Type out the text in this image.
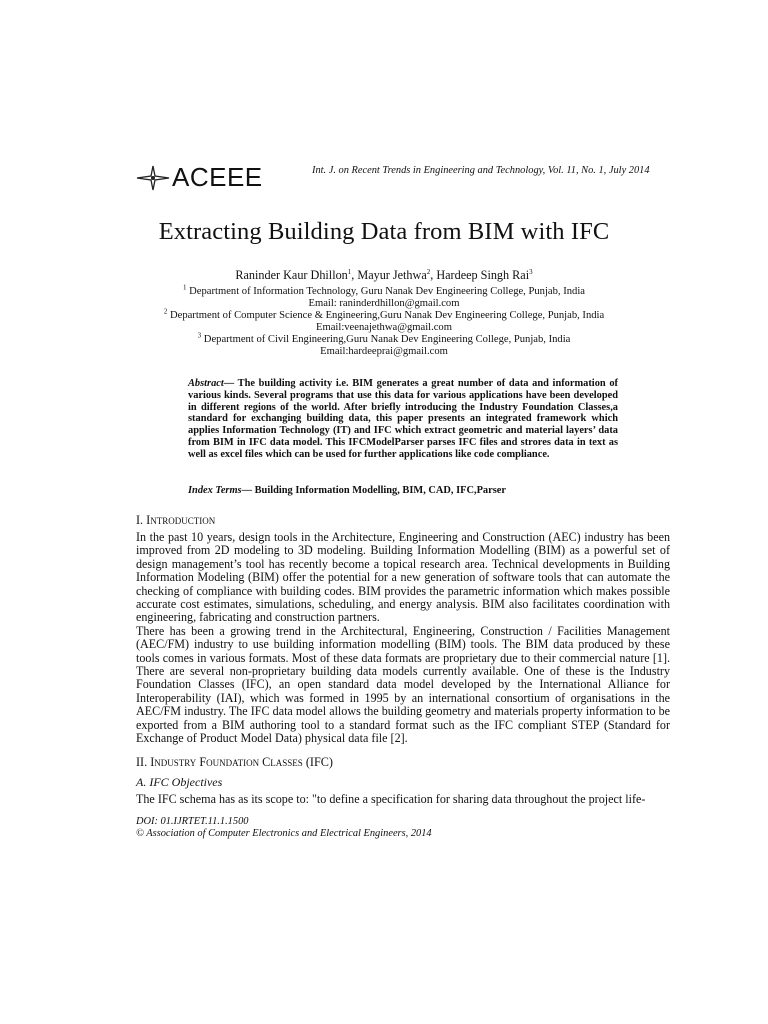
ACEEE	Int. J. on Recent Trends in Engineering and Technology, Vol. 11, No. 1, July 2014
Extracting Building Data from BIM with IFC
Raninder Kaur Dhillon$^1$, Mayur Jethwa$^2$, Hardeep Singh Rai$^3$
$^1$ Department of Information Technology, Guru Nanak Dev Engineering College, Punjab, India
Email: raninderdhillon@gmail.com
$^2$ Department of Computer Science & Engineering,Guru Nanak Dev Engineering College, Punjab, India
Email:veenajethwa@gmail.com
$^3$ Department of Civil Engineering,Guru Nanak Dev Engineering College, Punjab, India
Email:hardeeprai@gmail.com
Abstract— The building activity i.e. BIM generates a great number of data and information of various kinds. Several programs that use this data for various applications have been developed in different regions of the world. After briefly introducing the Industry Foundation Classes,a standard for exchanging building data, this paper presents an integrated framework which applies Information Technology (IT) and IFC which extract geometric and material layers’ data from BIM in IFC data model. This IFCModelParser parses IFC files and strores data in text as well as excel files which can be used for further applications like code compliance.
Index Terms— Building Information Modelling, BIM, CAD, IFC,Parser
I. Introduction

In the past 10 years, design tools in the Architecture, Engineering and Construction (AEC) industry has been improved from 2D modeling to 3D modeling. Building Information Modelling (BIM) as a powerful set of design management’s tool has recently become a topical research area. Technical developments in Building Information Modeling (BIM) offer the potential for a new generation of software tools that can automate the checking of compliance with building codes. BIM provides the parametric information which makes possible accurate cost estimates, simulations, scheduling, and energy analysis. BIM also facilitates coordination with engineering, fabricating and construction partners.

There has been a growing trend in the Architectural, Engineering, Construction / Facilities Management (AEC/FM) industry to use building information modelling (BIM) tools. The BIM data produced by these tools comes in various formats. Most of these data formats are proprietary due to their commercial nature [1]. There are several non-proprietary building data models currently available. One of these is the Industry Foundation Classes (IFC), an open standard data model developed by the International Alliance for Interoperability (IAI), which was formed in 1995 by an international consortium of organisations in the AEC/FM industry. The IFC data model allows the building geometry and materials property information to be exported from a BIM authoring tool to a standard format such as the IFC compliant STEP (Standard for Exchange of Product Model Data) physical data file [2].

II. Industry Foundation Classes (IFC)
A. IFC Objectives

The IFC schema has as its scope to: "to define a specification for sharing data throughout the project life-

DOI: 01.IJRTET.11.1.1500
© Association of Computer Electronics and Electrical Engineers, 2014
